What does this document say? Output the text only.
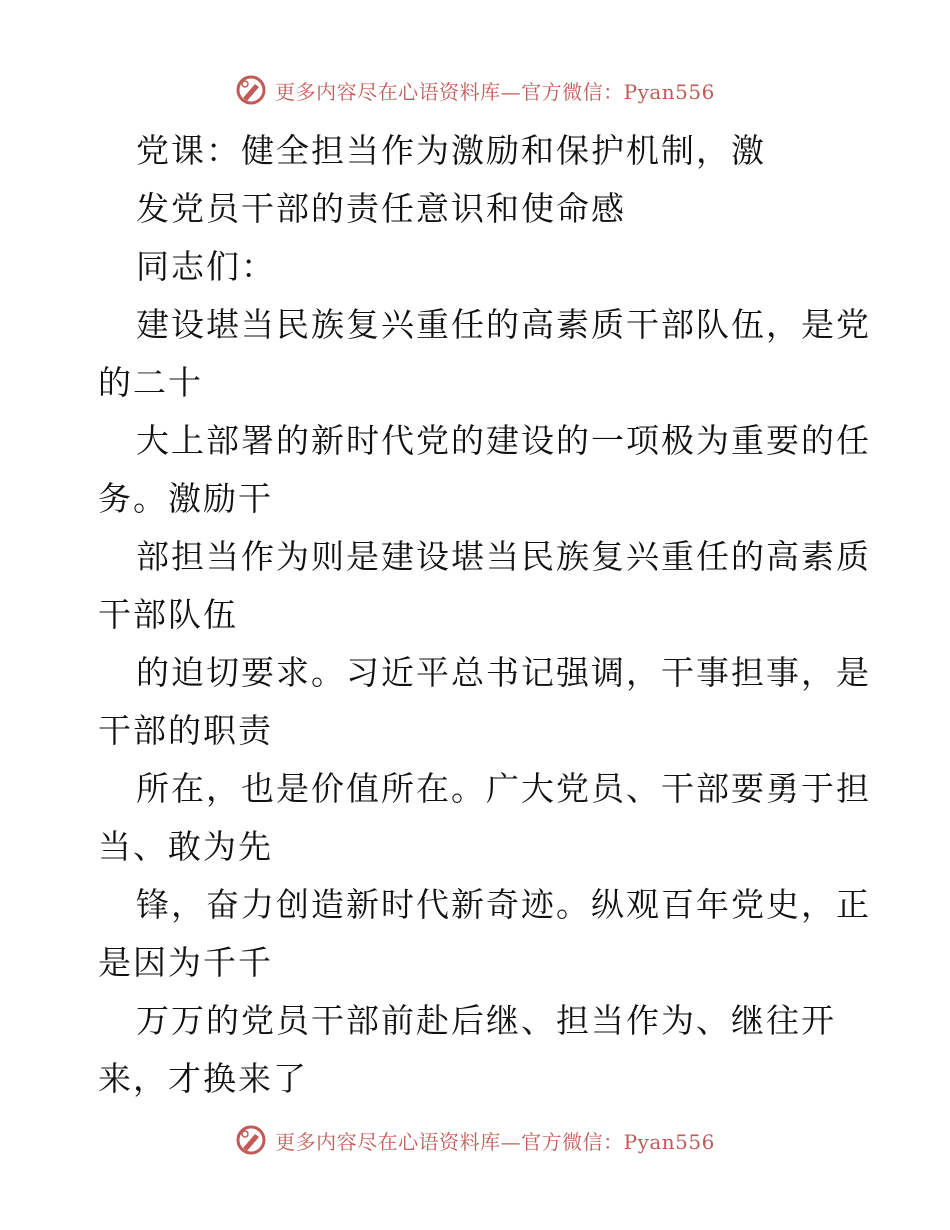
更多内容尽在心语资料库—官方微信：Pyan556
党课：健全担当作为激励和保护机制，激
发党员干部的责任意识和使命感
同志们：
建设堪当民族复兴重任的高素质干部队伍，是党
的二十
大上部署的新时代党的建设的一项极为重要的任
务。激励干
部担当作为则是建设堪当民族复兴重任的高素质
干部队伍
的迫切要求。习近平总书记强调，干事担事，是
干部的职责
所在，也是价值所在。广大党员、干部要勇于担
当、敢为先
锋，奋力创造新时代新奇迹。纵观百年党史，正
是因为千千
万万的党员干部前赴后继、担当作为、继往开
来，才换来了
更多内容尽在心语资料库—官方微信：Pyan556
